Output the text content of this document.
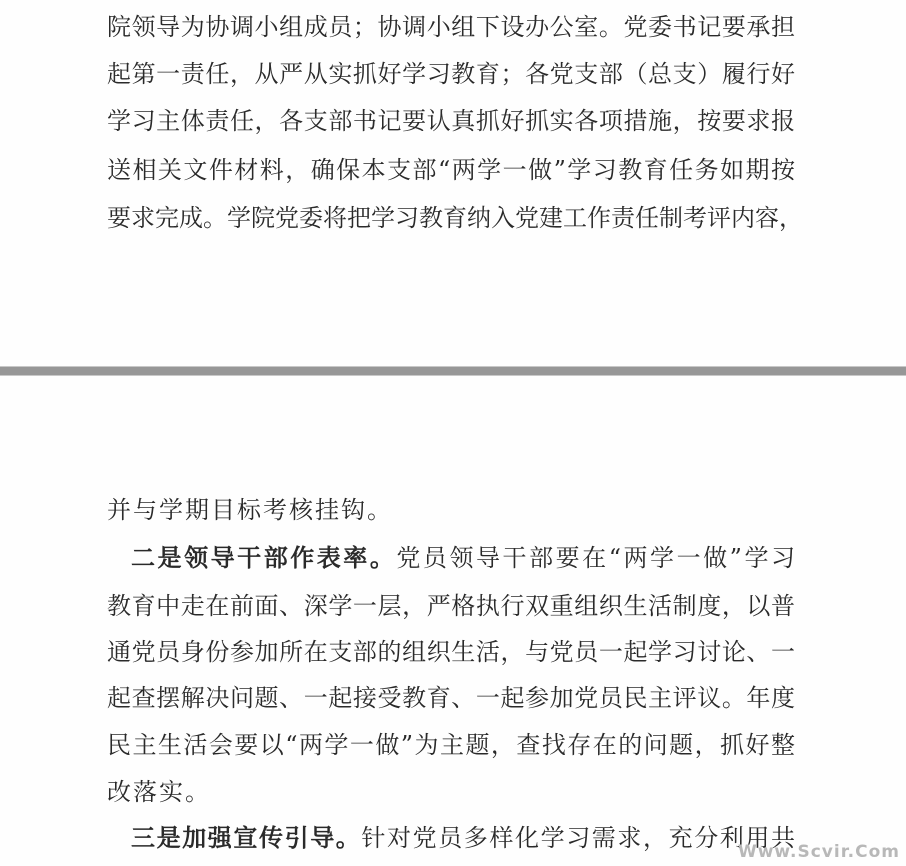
院领导为协调小组成员；协调小组下设办公室。党委书记要承担
起第一责任，从严从实抓好学习教育；各党支部（总支）履行好
学习主体责任，各支部书记要认真抓好抓实各项措施，按要求报
送相关文件材料，确保本支部“两学一做”学习教育任务如期按
要求完成。学院党委将把学习教育纳入党建工作责任制考评内容，
并与学期目标考核挂钩。
二是领导干部作表率。党员领导干部要在“两学一做”学习
教育中走在前面、深学一层，严格执行双重组织生活制度，以普
通党员身份参加所在支部的组织生活，与党员一起学习讨论、一
起查摆解决问题、一起接受教育、一起参加党员民主评议。年度
民主生活会要以“两学一做”为主题，查找存在的问题，抓好整
改落实。
三是加强宣传引导。针对党员多样化学习需求，充分利用共
Www.Scvir.Com
